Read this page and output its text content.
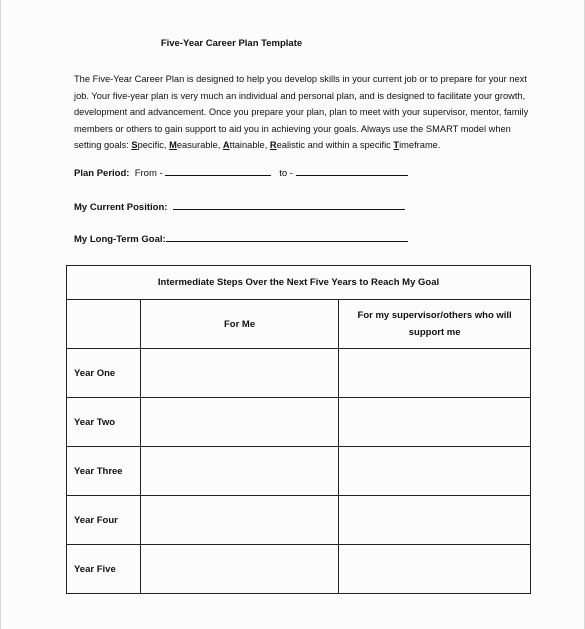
Five-Year Career Plan Template

The Five-Year Career Plan is designed to help you develop skills in your current job or to prepare for your next job. Your five-year plan is very much an individual and personal plan, and is designed to facilitate your growth, development and advancement. Once you prepare your plan, plan to meet with your supervisor, mentor, family members or others to gain support to aid you in achieving your goals. Always use the SMART model when setting goals: Specific, Measurable, Attainable, Realistic and within a specific Timeframe.

Plan Period: From -	to -
My Current Position:
My Long-Term Goal:
Intermediate Steps Over the Next Five Years to Reach My Goal		
	For Me	For my supervisor/others who will support me
Year One		
Year Two		
Year Three		
Year Four		
Year Five		
